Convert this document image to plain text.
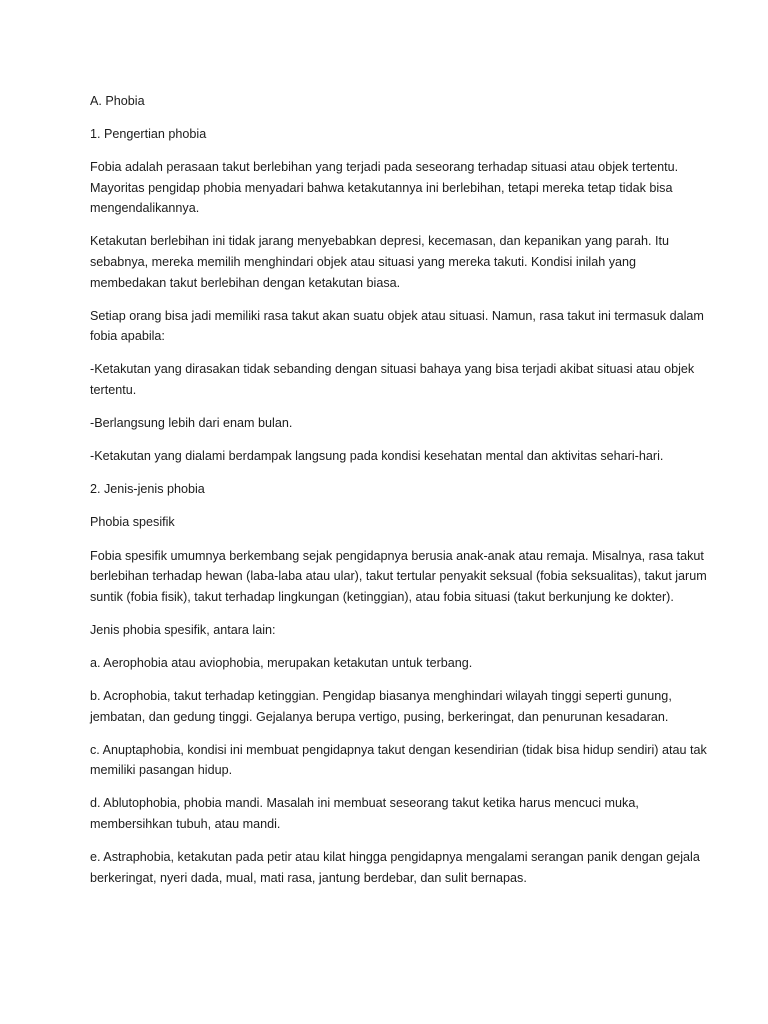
A. Phobia

1. Pengertian phobia

Fobia adalah perasaan takut berlebihan yang terjadi pada seseorang terhadap situasi atau objek tertentu. Mayoritas pengidap phobia menyadari bahwa ketakutannya ini berlebihan, tetapi mereka tetap tidak bisa mengendalikannya.

Ketakutan berlebihan ini tidak jarang menyebabkan depresi, kecemasan, dan kepanikan yang parah. Itu sebabnya, mereka memilih menghindari objek atau situasi yang mereka takuti. Kondisi inilah yang membedakan takut berlebihan dengan ketakutan biasa.

Setiap orang bisa jadi memiliki rasa takut akan suatu objek atau situasi. Namun, rasa takut ini termasuk dalam fobia apabila:

-Ketakutan yang dirasakan tidak sebanding dengan situasi bahaya yang bisa terjadi akibat situasi atau objek tertentu.

-Berlangsung lebih dari enam bulan.

-Ketakutan yang dialami berdampak langsung pada kondisi kesehatan mental dan aktivitas sehari-hari.

2. Jenis-jenis phobia

Phobia spesifik

Fobia spesifik umumnya berkembang sejak pengidapnya berusia anak-anak atau remaja. Misalnya, rasa takut berlebihan terhadap hewan (laba-laba atau ular), takut tertular penyakit seksual (fobia seksualitas), takut jarum suntik (fobia fisik), takut terhadap lingkungan (ketinggian), atau fobia situasi (takut berkunjung ke dokter).

Jenis phobia spesifik, antara lain:

a. Aerophobia atau aviophobia, merupakan ketakutan untuk terbang.

b. Acrophobia, takut terhadap ketinggian. Pengidap biasanya menghindari wilayah tinggi seperti gunung, jembatan, dan gedung tinggi. Gejalanya berupa vertigo, pusing, berkeringat, dan penurunan kesadaran.

c. Anuptaphobia, kondisi ini membuat pengidapnya takut dengan kesendirian (tidak bisa hidup sendiri) atau tak memiliki pasangan hidup.

d. Ablutophobia, phobia mandi. Masalah ini membuat seseorang takut ketika harus mencuci muka, membersihkan tubuh, atau mandi.

e. Astraphobia, ketakutan pada petir atau kilat hingga pengidapnya mengalami serangan panik dengan gejala berkeringat, nyeri dada, mual, mati rasa, jantung berdebar, dan sulit bernapas.
